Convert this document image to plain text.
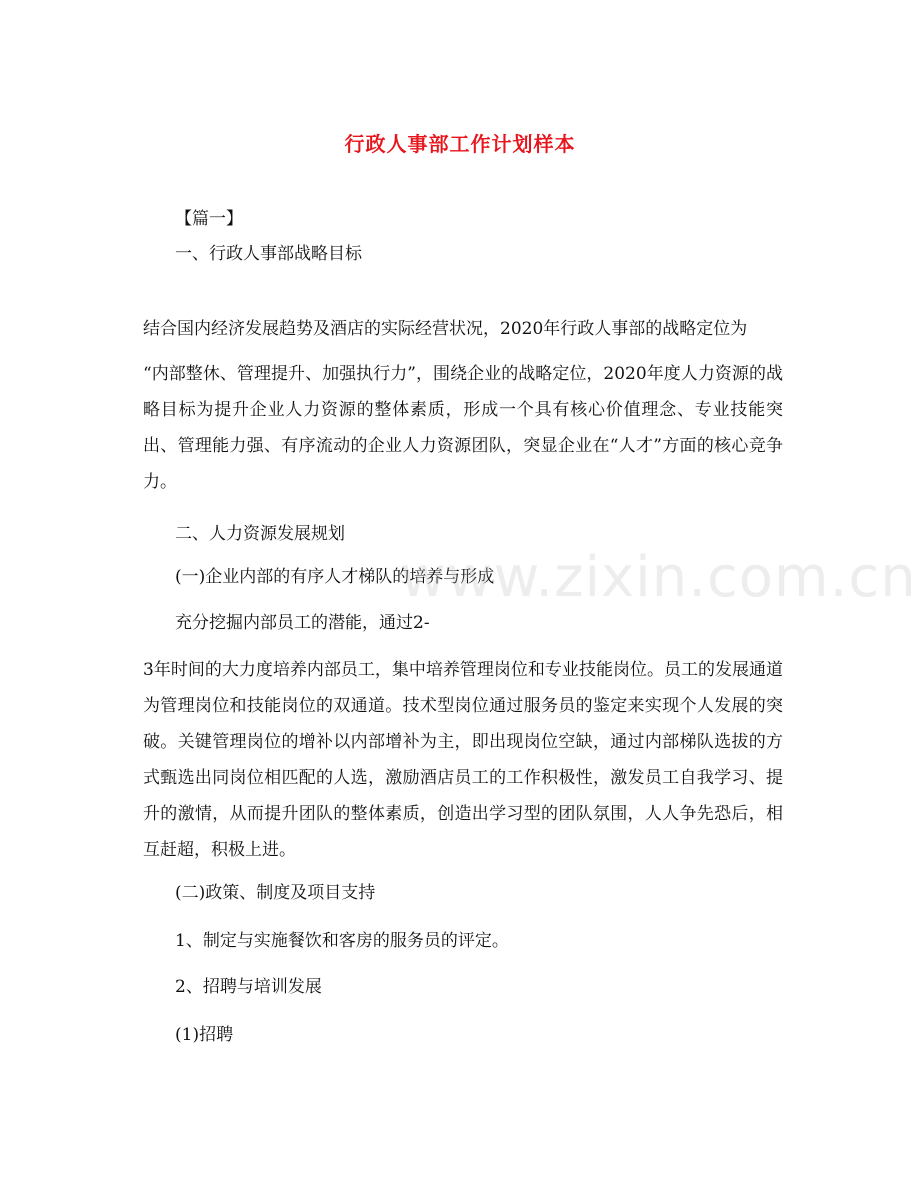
行政人事部工作计划样本
【篇一】
一、行政人事部战略目标
结合国内经济发展趋势及酒店的实际经营状况，2020年行政人事部的战略定位为
“内部整休、管理提升、加强执行力”，围绕企业的战略定位，2020年度人力资源的战略目标为提升企业人力资源的整体素质，形成一个具有核心价值理念、专业技能突出、管理能力强、有序流动的企业人力资源团队，突显企业在“人才”方面的核心竞争力。
二、人力资源发展规划
(一)企业内部的有序人才梯队的培养与形成
充分挖掘内部员工的潜能，通过2-
3年时间的大力度培养内部员工，集中培养管理岗位和专业技能岗位。员工的发展通道为管理岗位和技能岗位的双通道。技术型岗位通过服务员的鉴定来实现个人发展的突破。关键管理岗位的增补以内部增补为主，即出现岗位空缺，通过内部梯队选拔的方式甄选出同岗位相匹配的人选，激励酒店员工的工作积极性，激发员工自我学习、提升的激情，从而提升团队的整体素质，创造出学习型的团队氛围，人人争先恐后，相互赶超，积极上进。
(二)政策、制度及项目支持
1、制定与实施餐饮和客房的服务员的评定。
2、招聘与培训发展
(1)招聘
www.zixin.com.cn
